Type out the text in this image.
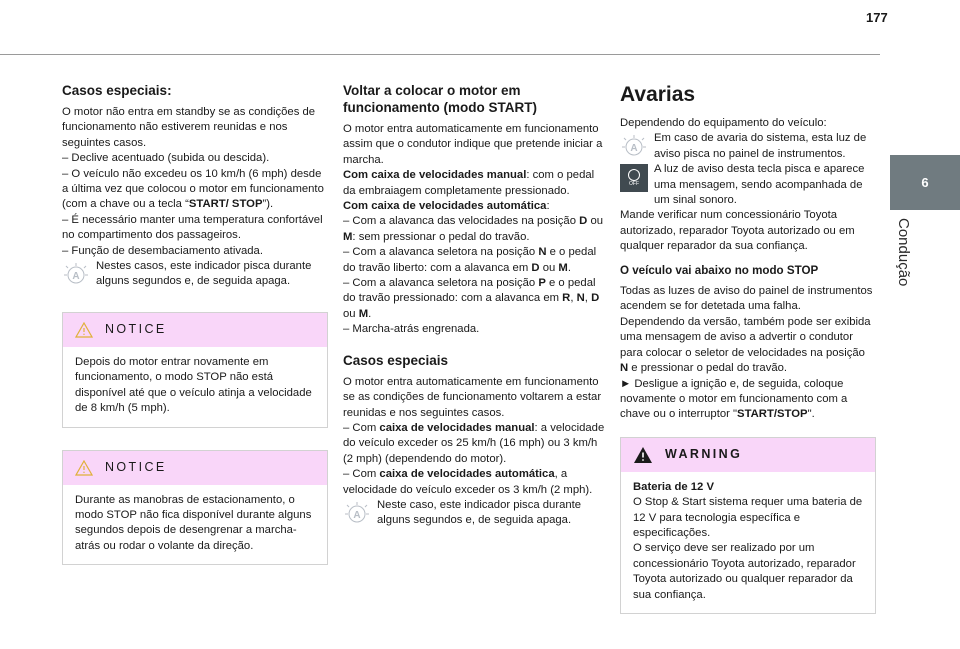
177
6
Condução
Casos especiais:

O motor não entra em standby se as condições de funcionamento não estiverem reunidas e nos seguintes casos.

– Declive acentuado (subida ou descida).

– O veículo não excedeu os 10 km/h (6 mph) desde a última vez que colocou o motor em funcionamento (com a chave ou a tecla “START/ STOP”).

– É necessário manter uma temperatura confortável no compartimento dos passageiros.

– Função de desembaciamento ativada.

A
Nestes casos, este indicador pisca durante alguns segundos e, de seguida apaga.
NOTICE
Depois do motor entrar novamente em funcionamento, o modo STOP não está disponível até que o veículo atinja a velocidade de 8 km/h (5 mph).
NOTICE
Durante as manobras de estacionamento, o modo STOP não fica disponível durante alguns segundos depois de desengrenar a marcha-atrás ou rodar o volante da direção.
Voltar a colocar o motor em funcionamento (modo START)

O motor entra automaticamente em funcionamento assim que o condutor indique que pretende iniciar a marcha.

Com caixa de velocidades manual: com o pedal da embraiagem completamente pressionado.

Com caixa de velocidades automática:

– Com a alavanca das velocidades na posição D ou M: sem pressionar o pedal do travão.

– Com a alavanca seletora na posição N e o pedal do travão liberto: com a alavanca em D ou M.

– Com a alavanca seletora na posição P e o pedal do travão pressionado: com a alavanca em R, N, D ou M.

– Marcha-atrás engrenada.

Casos especiais

O motor entra automaticamente em funcionamento se as condições de funcionamento voltarem a estar reunidas e nos seguintes casos.

– Com caixa de velocidades manual: a velocidade do veículo exceder os 25 km/h (16 mph) ou 3 km/h (2 mph) (dependendo do motor).

– Com caixa de velocidades automática, a velocidade do veículo exceder os 3 km/h (2 mph).

A
Neste caso, este indicador pisca durante alguns segundos e, de seguida apaga.
Avarias

Dependendo do equipamento do veículo:

A
Em caso de avaria do sistema, esta luz de aviso pisca no painel de instrumentos.
OFF
A luz de aviso desta tecla pisca e aparece uma mensagem, sendo acompanhada de um sinal sonoro.

Mande verificar num concessionário Toyota autorizado, reparador Toyota autorizado ou em qualquer reparador da sua confiança.

O veículo vai abaixo no modo STOP

Todas as luzes de aviso do painel de instrumentos acendem se for detetada uma falha.

Dependendo da versão, também pode ser exibida uma mensagem de aviso a advertir o condutor para colocar o seletor de velocidades na posição N e pressionar o pedal do travão.

► Desligue a ignição e, de seguida, coloque novamente o motor em funcionamento com a chave ou o interruptor "START/STOP".

WARNING

Bateria de 12 V

O Stop & Start sistema requer uma bateria de 12 V para tecnologia específica e especificações.

O serviço deve ser realizado por um concessionário Toyota autorizado, reparador Toyota autorizado ou qualquer reparador da sua confiança.
